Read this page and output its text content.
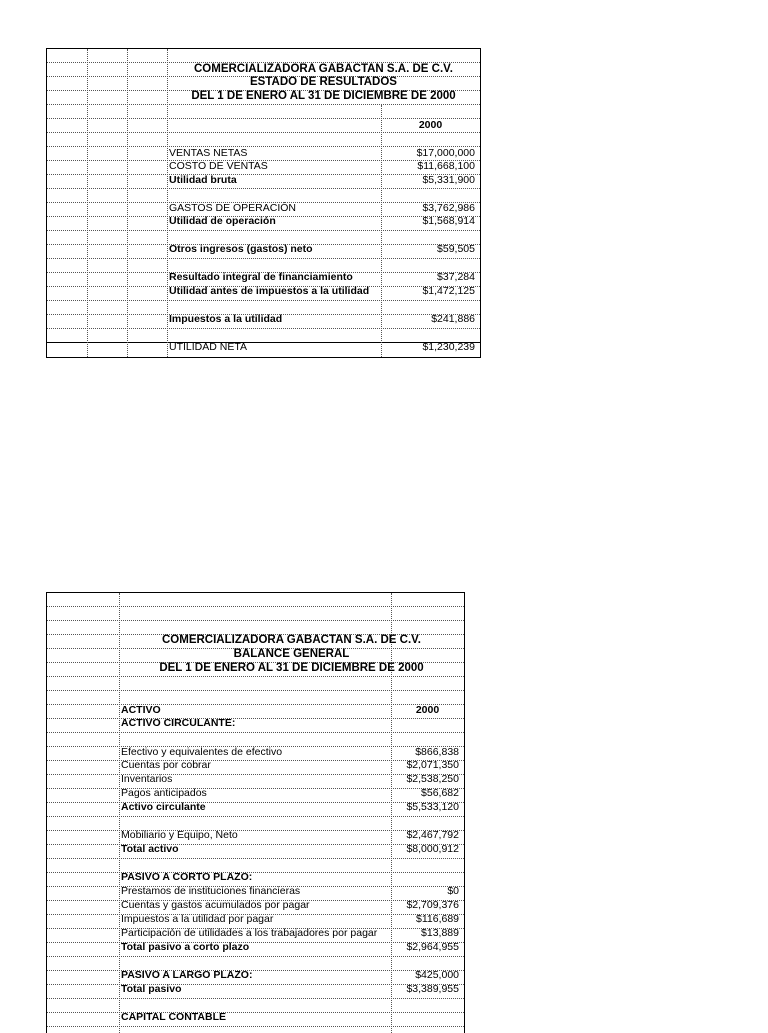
COMERCIALIZADORA GABACTAN S.A. DE C.V.
ESTADO DE RESULTADOS
DEL 1 DE ENERO AL 31 DE DICIEMBRE DE 2000
2000
VENTAS NETAS	$17,000,000
COSTO DE VENTAS	$11,668,100
Utilidad bruta	$5,331,900
GASTOS DE OPERACIÓN	$3,762,986
Utilidad de operación	$1,568,914
Otros ingresos (gastos) neto	$59,505
Resultado integral de financiamiento	$37,284
Utilidad antes de impuestos a la utilidad	$1,472,125
Impuestos a la utilidad	$241,886
UTILIDAD NETA	$1,230,239
COMERCIALIZADORA GABACTAN S.A. DE C.V.
BALANCE GENERAL
DEL 1 DE ENERO AL 31 DE DICIEMBRE DE 2000
ACTIVO	2000
ACTIVO CIRCULANTE:
Efectivo y equivalentes de efectivo	$866,838
Cuentas por cobrar	$2,071,350
Inventarios	$2,538,250
Pagos anticipados	$56,682
Activo circulante	$5,533,120
Mobiliario y Equipo, Neto	$2,467,792
Total activo	$8,000,912
PASIVO A CORTO PLAZO:
Prestamos de instituciones financieras	$0
Cuentas y gastos acumulados por pagar	$2,709,376
Impuestos a la utilidad por pagar	$116,689
Participación de utilidades a los trabajadores por pagar	$13,889
Total pasivo a corto plazo	$2,964,955
PASIVO A LARGO PLAZO:	$425,000
Total pasivo	$3,389,955
CAPITAL CONTABLE
